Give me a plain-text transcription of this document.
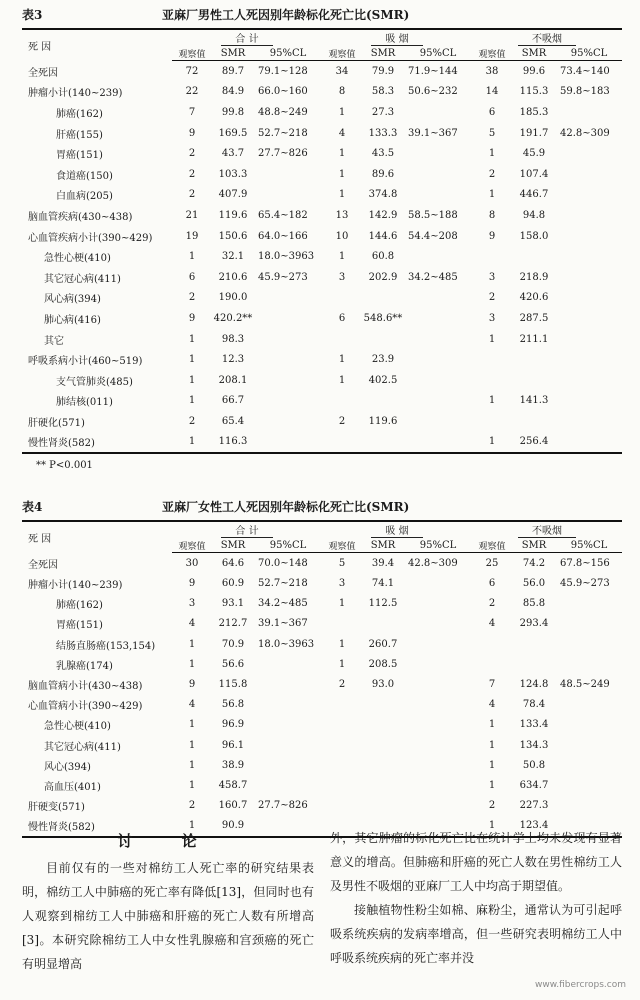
表3	亚麻厂男性工人死因别年龄标化死亡比(SMR)
死 因	合 计			吸 烟			不吸烟		
	观察值	SMR	95%CL	观察值	SMR	95%CL	观察值	SMR	95%CL
全死因	72	89.7	79.1~128	34	79.9	71.9~144	38	99.6	73.4~140
肿瘤小计(140~239)	22	84.9	66.0~160	8	58.3	50.6~232	14	115.3	59.8~183
肺癌(162)	7	99.8	48.8~249	1	27.3		6	185.3	
肝癌(155)	9	169.5	52.7~218	4	133.3	39.1~367	5	191.7	42.8~309
胃癌(151)	2	43.7	27.7~826	1	43.5		1	45.9	
食道癌(150)	2	103.3		1	89.6		2	107.4	
白血病(205)	2	407.9		1	374.8		1	446.7	
脑血管疾病(430~438)	21	119.6	65.4~182	13	142.9	58.5~188	8	94.8	
心血管疾病小计(390~429)	19	150.6	64.0~166	10	144.6	54.4~208	9	158.0	
急性心梗(410)	1	32.1	18.0~3963	1	60.8				
其它冠心病(411)	6	210.6	45.9~273	3	202.9	34.2~485	3	218.9	
风心病(394)	2	190.0					2	420.6	
肺心病(416)	9	420.2**		6	548.6**		3	287.5	
其它	1	98.3					1	211.1	
呼吸系病小计(460~519)	1	12.3		1	23.9				
支气管肺炎(485)	1	208.1		1	402.5				
肺结核(011)	1	66.7					1	141.3	
肝硬化(571)	2	65.4		2	119.6				
慢性肾炎(582)	1	116.3					1	256.4	
** P<0.001
表4	亚麻厂女性工人死因别年龄标化死亡比(SMR)
死 因	合 计			吸 烟			不吸烟		
	观察值	SMR	95%CL	观察值	SMR	95%CL	观察值	SMR	95%CL
全死因	30	64.6	70.0~148	5	39.4	42.8~309	25	74.2	67.8~156
肿瘤小计(140~239)	9	60.9	52.7~218	3	74.1		6	56.0	45.9~273
肺癌(162)	3	93.1	34.2~485	1	112.5		2	85.8	
胃癌(151)	4	212.7	39.1~367				4	293.4	
结肠直肠癌(153,154)	1	70.9	18.0~3963	1	260.7				
乳腺癌(174)	1	56.6		1	208.5				
脑血管病小计(430~438)	9	115.8		2	93.0		7	124.8	48.5~249
心血管病小计(390~429)	4	56.8					4	78.4	
急性心梗(410)	1	96.9					1	133.4	
其它冠心病(411)	1	96.1					1	134.3	
风心(394)	1	38.9					1	50.8	
高血压(401)	1	458.7					1	634.7	
肝硬变(571)	2	160.7	27.7~826				2	227.3	
慢性肾炎(582)	1	90.9					1	123.4	
讨 论

目前仅有的一些对棉纺工人死亡率的研究结果表明，棉纺工人中肺癌的死亡率有降低[13]，但同时也有人观察到棉纺工人中肺癌和肝癌的死亡人数有所增高[3]。本研究除棉纺工人中女性乳腺癌和宫颈癌的死亡有明显增高

外，其它肿瘤的标化死亡比在统计学上均未发现有显著意义的增高。但肺癌和肝癌的死亡人数在男性棉纺工人及男性不吸烟的亚麻厂工人中均高于期望值。

接触植物性粉尘如棉、麻粉尘，通常认为可引起呼吸系统疾病的发病率增高，但一些研究表明棉纺工人中呼吸系统疾病的死亡率并没

www.fibercrops.com
